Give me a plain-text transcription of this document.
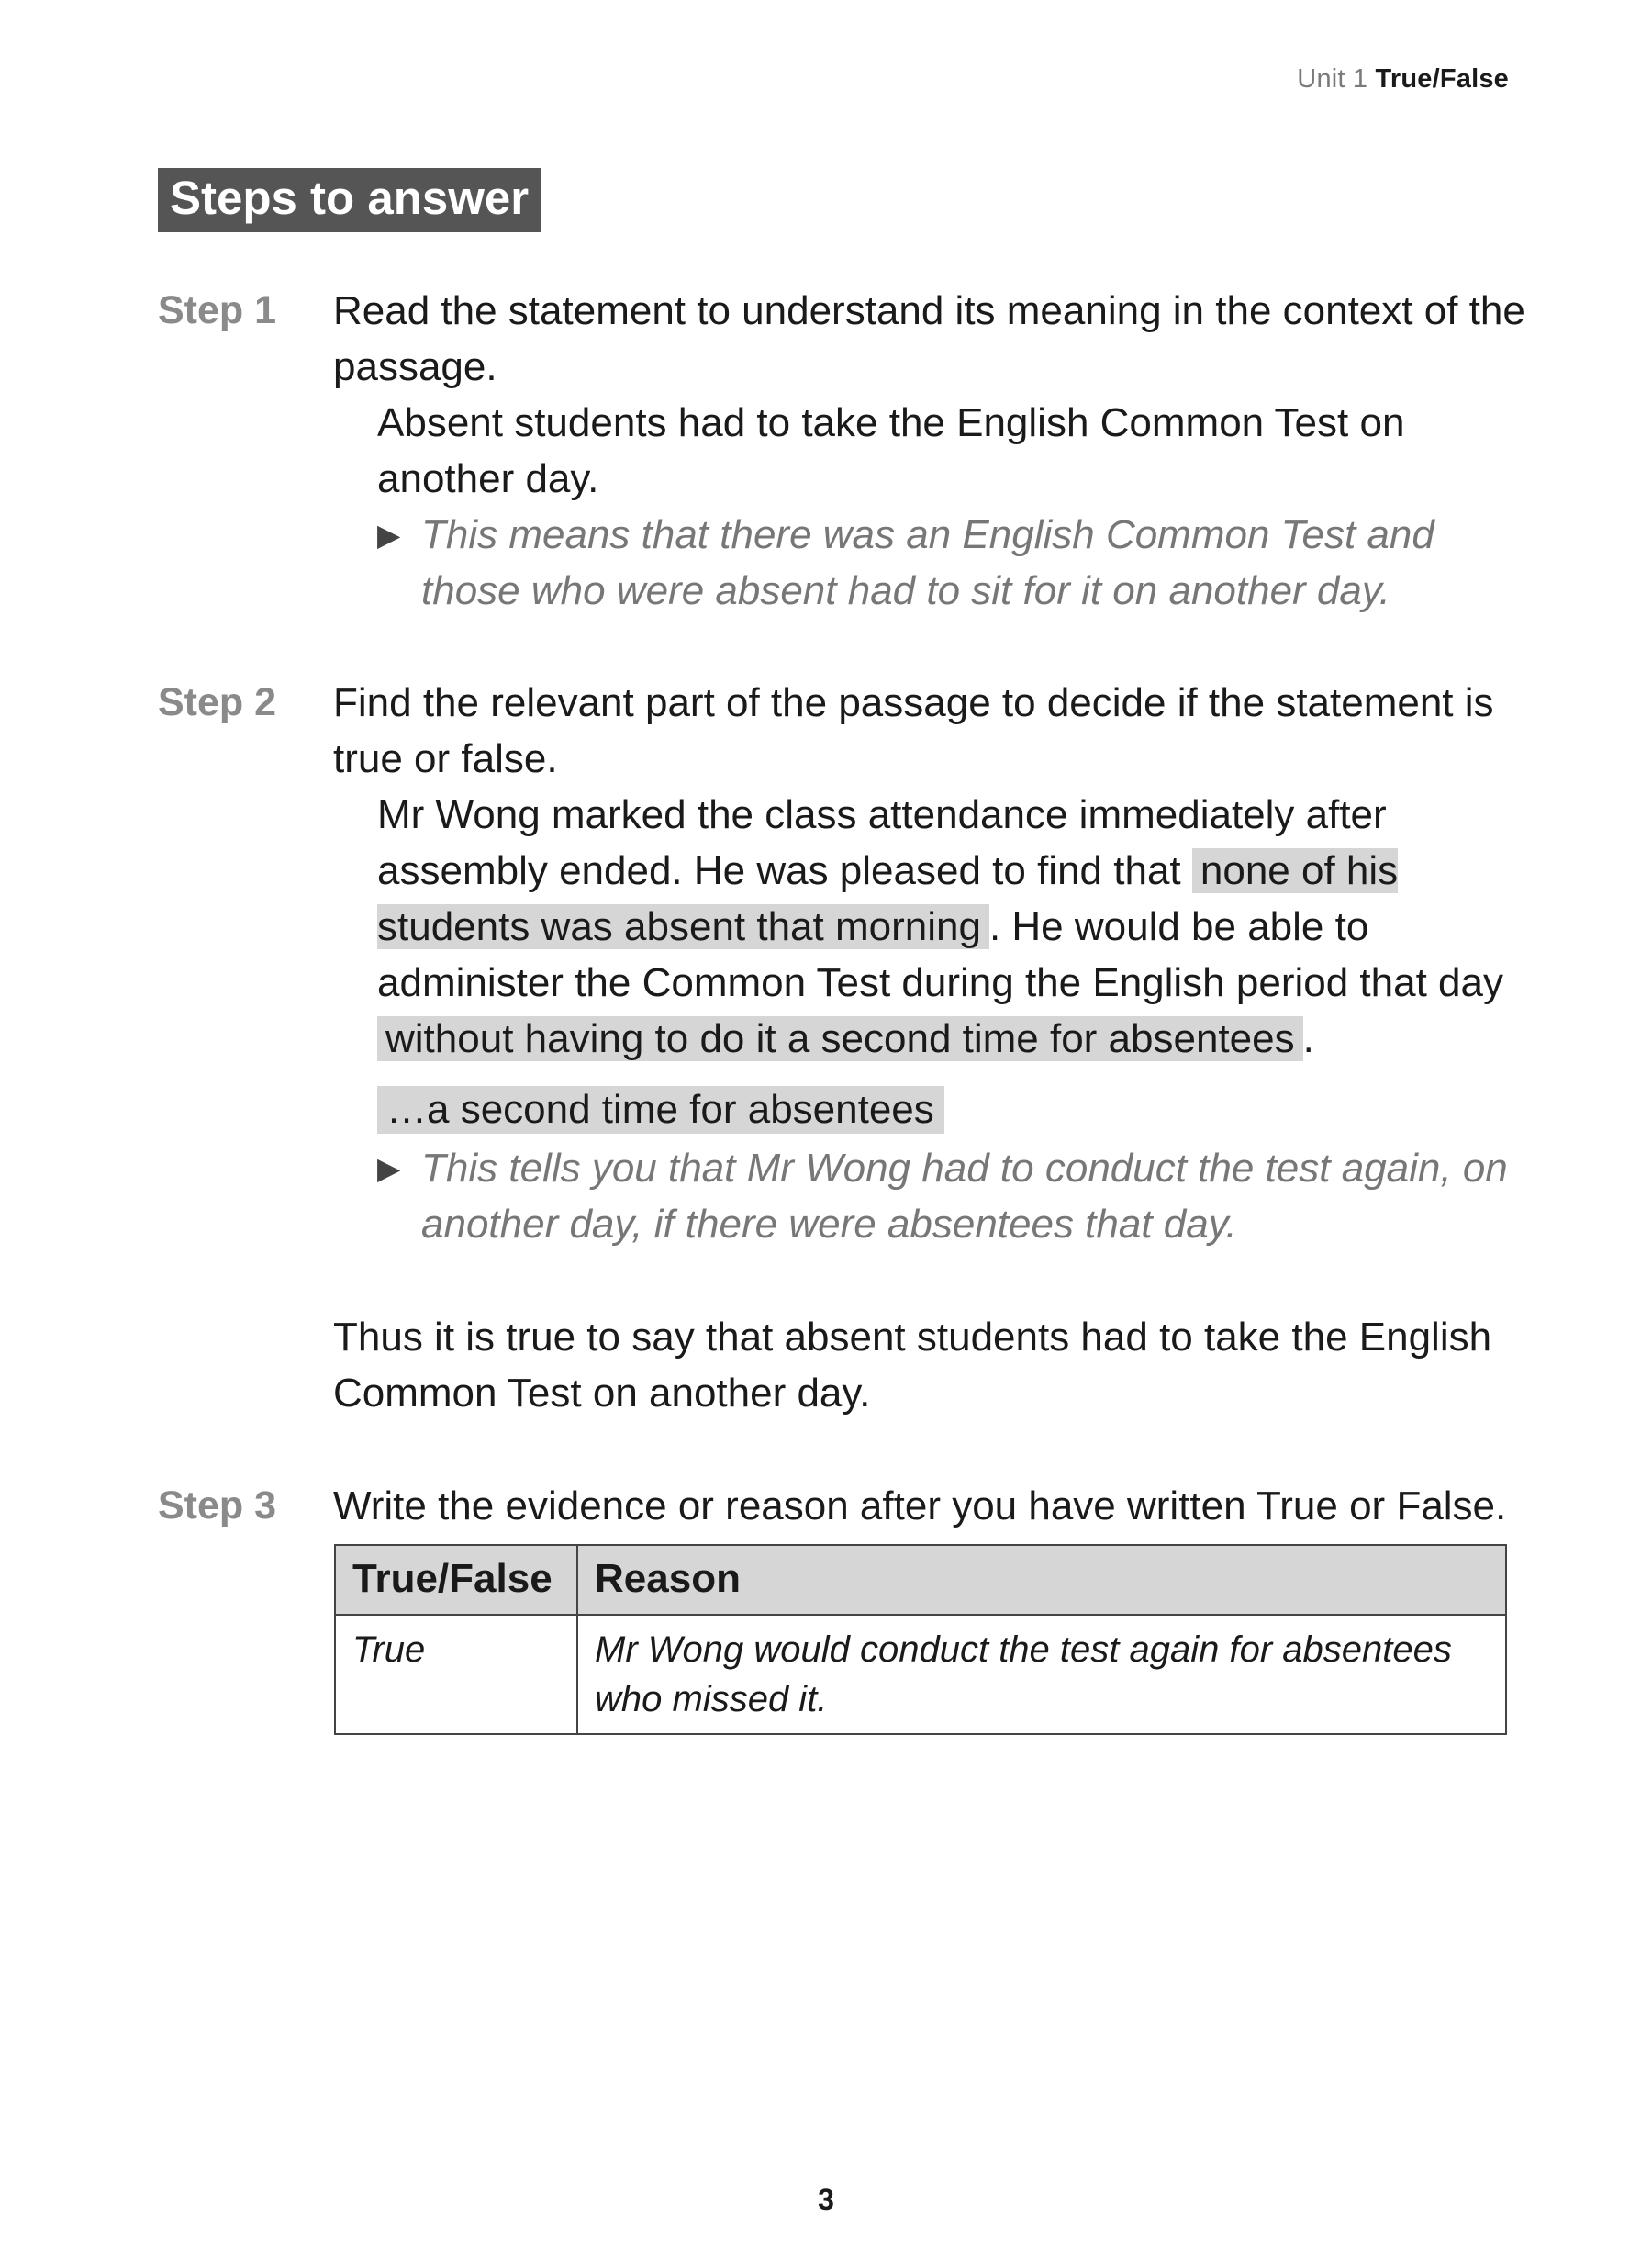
Unit 1 True/False
Steps to answer
Step 1 Read the statement to understand its meaning in the context of the passage.

Absent students had to take the English Common Test on another day.

▶ This means that there was an English Common Test and those who were absent had to sit for it on another day.
Step 2 Find the relevant part of the passage to decide if the statement is true or false.

Mr Wong marked the class attendance immediately after assembly ended. He was pleased to find that none of his students was absent that morning . He would be able to administer the Common Test during the English period that day without having to do it a second time for absentees .

…a second time for absentees
▶ This tells you that Mr Wong had to conduct the test again, on another day, if there were absentees that day.

Thus it is true to say that absent students had to take the English Common Test on another day.

Step 3 Write the evidence or reason after you have written True or False.

True/False	Reason
True	Mr Wong would conduct the test again for absentees who missed it.
3
